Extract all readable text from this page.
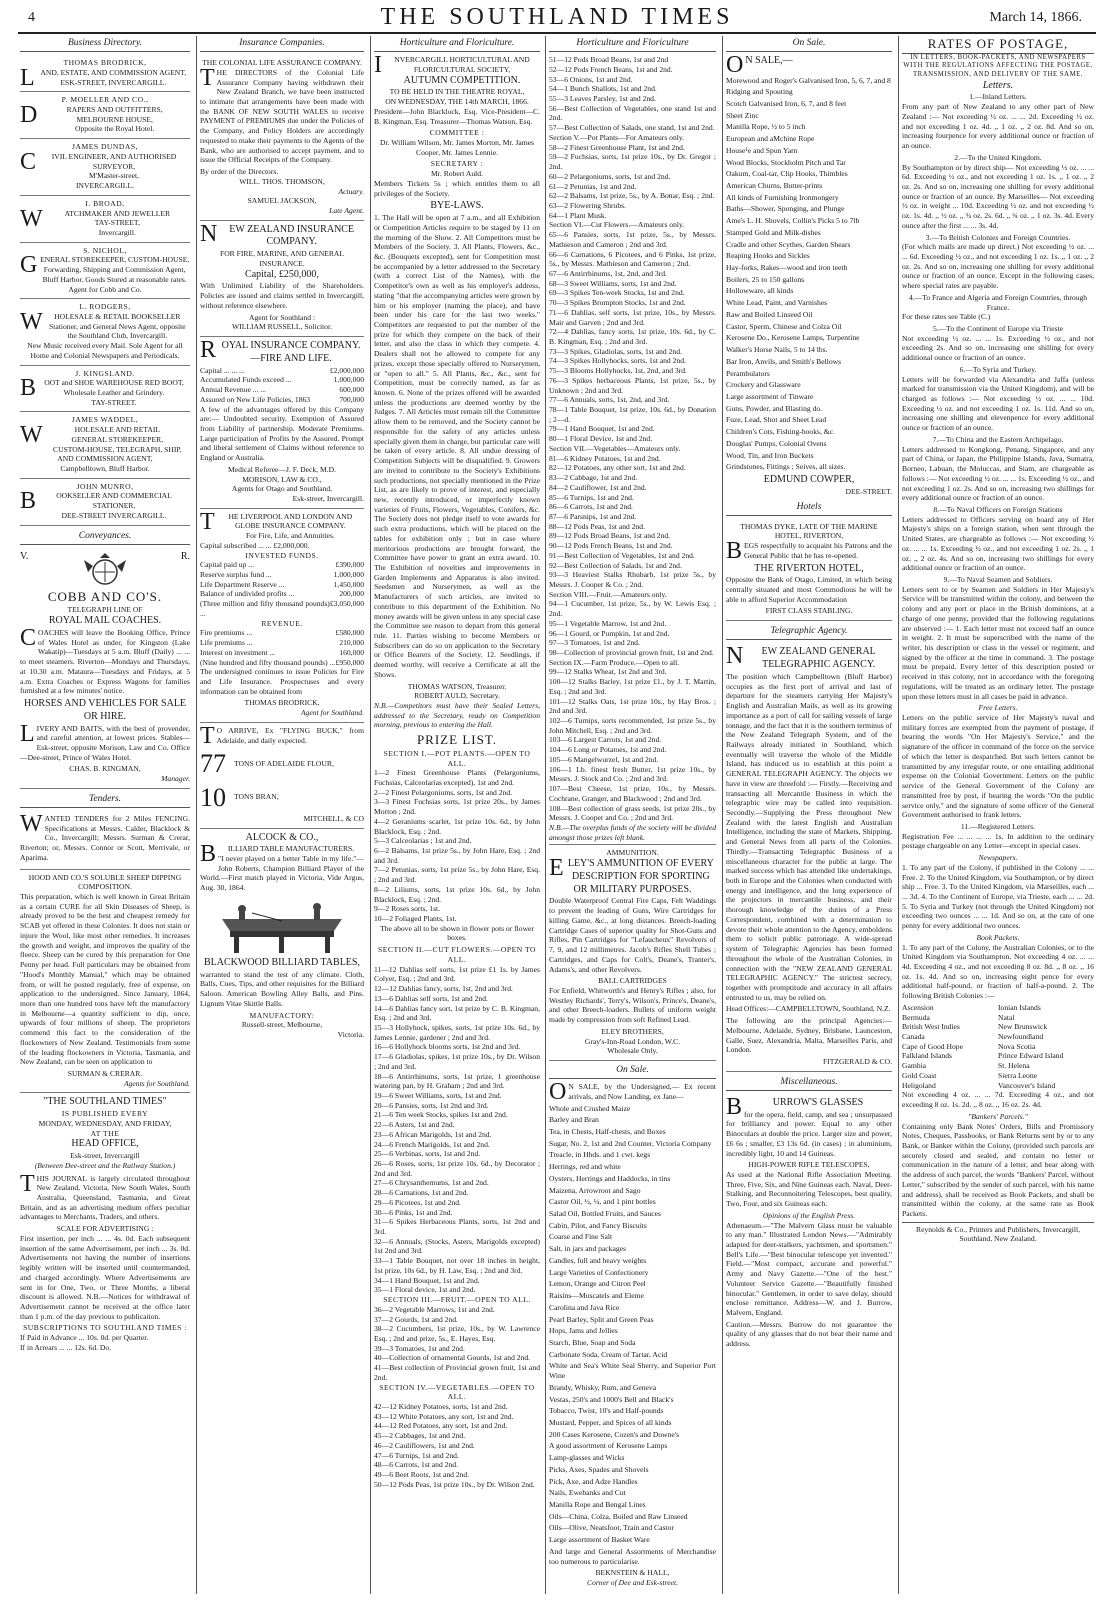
4	THE SOUTHLAND TIMES	March 14, 1866.
Business Directory.
THOMAS BRODRICK,
LAND, ESTATE, AND COMMISSION AGENT,
ESK-STREET, INVERCARGILL.
P. MOELLER AND CO.,
DRAPERS AND OUTFITTERS,
MELBOURNE HOUSE,
Opposite the Royal Hotel.
JAMES DUNDAS,
CIVIL ENGINEER, AND AUTHORISED SURVEYOR,
M'Master-street,
INVERCARGILL.
I. BROAD,
WATCHMAKER AND JEWELLER
TAY-STREET,
Invercargill.
S. NICHOL,
GENERAL STOREKEEPER, CUSTOM-HOUSE, Forwarding, Shipping and Commission Agent, Bluff Harbor. Goods Stored at reasonable rates. Agent for Cobb and Co.
L. RODGERS,
WHOLESALE & RETAIL BOOKSELLER Stationer, and General News Agent, opposite the Southland Club, Invercargill.
New Music received every Mail. Sole Agent for all Home and Colonial Newspapers and Periodicals.
J. KINGSLAND.
BOOT and SHOE WAREHOUSE RED BOOT,
Wholesale Leather and Grindery.
TAY-STREET.
JAMES WADDEL,
WHOLESALE AND RETAIL
GENERAL STOREKEEPER,
CUSTOM-HOUSE, TELEGRAPH, SHIP, AND COMMISSION AGENT,
Campbelltown, Bluff Harbor.
JOHN MUNRO,
BOOKSELLER AND COMMERCIAL
STATIONER,
DEE-STREET INVERCARGILL.
Conveyances.
V.	R.
COBB AND CO'S.
TELEGRAPH LINE OF
ROYAL MAIL COACHES.

COACHES will leave the Booking Office, Prince of Wales Hotel as under, for Kingston (Lake Wakatip)—Tuesdays at 5 a.m. Bluff (Daily) ... ... to meet steamers. Riverton—Mondays and Thursdays, at 10.30 a.m. Mataura—Tuesdays and Fridays, at 5 a.m. Extra Coaches or Express Wagons for families furnished at a few minutes' notice.

HORSES AND VEHICLES FOR SALE OR HIRE.

LIVERY AND BAITS, with the best of provender, and careful attention, at lowest prices. Stables—Esk-street, opposite Morison, Law and Co. Office—Dee-street, Prince of Wales Hotel.

CHAS. B. KINGMAN,
Manager.
Tenders.

WANTED TENDERS for 2 Miles FENCING. Specifications at Messrs. Calder, Blacklock & Co., Invercargill; Messrs. Surman & Crerar, Riverton; or, Messrs. Connor or Scott, Merrivale, or Aparima.

HOOD AND CO.'S SOLUBLE SHEEP DIPPING COMPOSITION.

This preparation, which is well known in Great Britain as a certain CURE for all Skin Diseases of Sheep, is already proved to be the best and cheapest remedy for SCAB yet offered in these Colonies. It does not stain or injure the Wool, like most other remedies. It increases the growth and weight, and improves the quality of the fleece. Sheep can be cured by this preparation for One Penny per head. Full particulars may be obtained from "Hood's Monthly Manual," which may be obtained from, or will be posted regularly, free of expense, on application to the undersigned. Since January, 1864, more than one hundred tons have left the manufactory in Melbourne—a quantity sufficient to dip, once, upwards of four millions of sheep. The proprietors commend this fact to the consideration of the flockowners of New Zealand. Testimonials from some of the leading flockowners in Victoria, Tasmania, and New Zealand, can be seen on application to

SURMAN & CRERAR.
Agents for Southland.
"THE SOUTHLAND TIMES"
IS PUBLISHED EVERY
MONDAY, WEDNESDAY, AND FRIDAY,
AT THE
HEAD OFFICE,
Esk-street, Invercargill
(Between Dee-street and the Railway Station.)

THIS JOURNAL is largely circulated throughout New Zealand, Victoria, New South Wales, South Australia, Queensland, Tasmania, and Great Britain, and as an advertising medium offers peculiar advantages to Merchants, Traders, and others.

SCALE FOR ADVERTISING :

First insertion, per inch ... ... 4s. 0d. Each subsequent insertion of the same Advertisement, per inch ... 3s. 0d. Advertisements not having the number of insertions legibly written will be inserted until countermanded, and charged accordingly. Where Advertisements are sent in for One, Two, or Three Months, a liberal discount is allowed. N.B.—Notices for withdrawal of Advertisement cannot be received at the office later than 1 p.m. of the day previous to publication.

SUBSCRIPTIONS TO SOUTHLAND TIMES :
If Paid in Advance ... 10s. 0d. per Quarter.
If in Arrears ... ... 12s. 6d. Do.
Insurance Companies.
THE COLONIAL LIFE ASSURANCE COMPANY.

THE DIRECTORS of the Colonial Life Assurance Company having withdrawn their New Zealand Branch, we have been instructed to intimate that arrangements have been made with the BANK OF NEW SOUTH WALES to receive PAYMENT of PREMIUMS due under the Policies of the Company, and Policy Holders are accordingly requested to make their payments to the Agents of the Bank, who are authorised to accept payment, and to issue the Official Receipts of the Company.

By order of the Directors.
WILL. THOS. THOMSON,
Actuary.
SAMUEL JACKSON,
Late Agent.
NEW ZEALAND INSURANCE COMPANY.
FOR FIRE, MARINE, AND GENERAL INSURANCE.
Capital, £250,000,

With Unlimited Liability of the Shareholders. Policies are issued and claims settled in Invercargill, without reference elsewhere.

Agent for Southland :
WILLIAM RUSSELL, Solicitor.
ROYAL INSURANCE COMPANY.—FIRE AND LIFE.
Capital ... ... ...	£2,000,000
Accumulated Funds exceed ...	1,000,000
Annual Revenue ... ...	600,000
Assured on New Life Policies, 1863	700,000

A few of the advantages offered by this Company are:— Undoubted security. Exemption of Assured from Liability of partnership. Moderate Premiums. Large participation of Profits by the Assured. Prompt and liberal settlement of Claims without reference to England or Australia.

Medical Referee—J. F. Deck, M.D.
MORISON, LAW & CO.,
Agents for Otago and Southland,
Esk-street, Invercargill.
THE LIVERPOOL AND LONDON AND GLOBE INSURANCE COMPANY.
For Fire, Life, and Annuities.
Capital subscribed ... ... £2,000,000.
INVESTED FUNDS.
Capital paid up ...	£390,000
Reserve surplus fund ...	1,000,000
Life Department Reserve ...	1,450,000
Balance of undivided profits ...	200,000
(Three million and fifty thousand pounds) ...
£3,050,000
REVENUE.
Fire premiums ...	£580,000
Life premiums ...	210,000
Interest on investment ...	160,000
(Nine hundred and fifty thousand pounds) ... £950,000

The undersigned continues to issue Policies for Fire and Life Insurance. Prospectuses and every information can be obtained from

THOMAS BRODRICK,
Agent for Southland.

TO ARRIVE, Ex "FLYING BUCK," from Adelaide, and daily expected.

77	TONS OF ADELAIDE FLOUR,
10	TONS BRAN,
MITCHELL, & CO
ALCOCK & CO.,
BILLIARD TABLE MANUFACTURERS.

"I never played on a better Table in my life."—John Roberts, Champion Billiard Player of the World.—First match played in Victoria, Vide Argus, Aug. 30, 1864.

BLACKWOOD BILLIARD TABLES,

warranted to stand the test of any climate. Cloth, Balls, Cues, Tips, and other requisites for the Billiard Saloon. American Bowling Alley Balls, and Pins. Lignum Vitae Skittle Balls.

MANUFACTORY:
Russell-street, Melbourne,
Victoria.
Horticulture and Floriculture.
INVERCARGILL HORTICULTURAL AND FLORICULTURAL SOCIETY,
AUTUMN COMPETITION.
TO BE HELD IN THE THEATRE ROYAL,
ON WEDNESDAY, THE 14th MARCH, 1866.

President—John Blacklock, Esq. Vice-President—C. B. Kingman, Esq. Treasurer—Thomas Watson, Esq.

COMMITTEE :

Dr. William Wilson, Mr. James Morton, Mr. James Cooper, Mr. James Lennie.

SECRETARY :
Mr. Robert Auld.

Members Tickets 5s ; which entitles them to all privileges of the Society.

BYE-LAWS.

1. The Hall will be open at 7 a.m., and all Exhibition or Competition Articles require to be staged by 11 on the morning of the Show. 2. All Competitors must be Members of the Society. 3. All Plants, Flowers, &c., &c. (Bouquets excepted), sent for Competition must be accompanied by a letter addressed to the Secretary (with a correct List of the Names), with the Competitor's own as well as his employer's address, stating "that the accompanying articles were grown by him or his employer (naming the place), and have been under his care for the last two weeks." Competitors are requested to put the number of the prize for which they compete on the back of their letter, and also the class in which they compete. 4. Dealers shall not be allowed to compete for any prizes, except those specially offered to Nurserymen, or "open to all." 5. All Plants, &c., &c., sent for Competition, must be correctly named, as far as known. 6. None of the prizes offered will be awarded unless the productions are deemed worthy by the Judges. 7. All Articles must remain till the Committee allow them to be removed, and the Society cannot be responsible for the safety of any articles unless specially given them in charge, but particular care will be taken of every article. 8. All undue dressing of Competition Subjects will be disqualified. 9. Growers are invited to contribute to the Society's Exhibitions such productions, not specially mentioned in the Prize List, as are likely to prove of interest, and especially new, recently introduced, or imperfectly known varieties of Fruits, Flowers, Vegetables, Conifers, &c. The Society does not pledge itself to vote awards for such extra productions, which will be placed on the tables for exhibition only ; but in case where meritorious productions are brought forward, the Committee have power to grant an extra award. 10. The Exhibition of novelties and improvements in Garden Implements and Apparatus is also invited. Seedsmen and Nurserymen, as well as the Manufacturers of such articles, are invited to contribute to this department of the Exhibition. No money awards will be given unless in any special case the Committee see reason to depart from this general rule. 11. Parties wishing to become Members or Subscribers can do so on application to the Secretary or Office Bearers of the Society. 12. Seedlings, if deemed worthy, will receive a Certificate at all the Shows.

THOMAS WATSON, Treasurer.
ROBERT AULD, Secretary.

N.B.—Competitors must have their Sealed Letters, addressed to the Secretary, ready on Competition morning, previous to entering the Hall.

PRIZE LIST.
SECTION I.—POT PLANTS.—OPEN TO ALL.

1—2 Finest Greenhouse Plants (Pelargoniums, Fuchsias, Calceolarias excepted), 1st and 2nd.

2—2 Finest Pelargoniums, sorts, 1st and 2nd.

3—3 Finest Fuchsias sorts, 1st prize 20s., by James Morton ; 2nd.

4—2 Geraniums scarlet, 1st prize 10s. 6d., by John Blacklock, Esq. ; 2nd.

5—3 Calceolarias ; 1st and 2nd.

6—2 Balsams, 1st prize 5s., by John Hare, Esq. ; 2nd and 3rd.

7—2 Petunias, sorts, 1st prize 5s., by John Hare, Esq. ; 2nd and 3rd.

8—2 Liliums, sorts, 1st prize 10s. 6d., by John Blacklock, Esq. ; 2nd.

9—2 Roses sorts, 1st.

10—2 Foliaged Plants, 1st.

The above all to be shown in flower pots or flower boxes.

SECTION II.—CUT FLOWERS.—OPEN TO ALL.

11—12 Dahlias self sorts, 1st prize £1 1s. by James Colyer, Esq. ; 2nd and 3rd.

12—12 Dahlias fancy, sorts, 1st, 2nd and 3rd.

13—6 Dahlias self sorts, 1st and 2nd.

14—6 Dahlias fancy sort, 1st prize by C. B. Kingman, Esq. ; 2nd and 3rd.

15—3 Hollyhock, spikes, sorts, 1st prize 10s. 6d., by James Lennie, gardener ; 2nd and 3rd.

16—6 Hollyhock blooms sorts, 1st 2nd and 3rd.

17—6 Gladiolas, spikes, 1st prize 10s., by Dr. Wilson ; 2nd and 3rd.

18—6 Antirrhinums, sorts, 1st prize, 1 greenhouse watering pan, by H. Graham ; 2nd and 3rd.

19—6 Sweet Williams, sorts, 1st and 2nd.

20—6 Pansies, sorts, 1st 2nd and 3rd.

21—6 Ten week Stocks, spikes 1st and 2nd.

22—6 Asters, 1st and 2nd.

23—6 African Marigolds, 1st and 2nd.

24—6 French Marigolds, 1st and 2nd.

25—6 Verbinas, sorts, 1st and 2nd.

26—6 Roses, sorts, 1st prize 10s. 6d., by Decorator ; 2nd and 3rd.

27—6 Chrysanthemums, 1st and 2nd.

28—6 Carnations, 1st and 2nd.

29—6 Picotees, 1st and 2nd.

30—6 Pinks, 1st and 2nd.

31—6 Spikes Herbaceous Plants, sorts, 1st 2nd and 3rd.

32—6 Annuals, (Stocks, Asters, Marigolds excepted) 1st 2nd and 3rd.

33—1 Table Bouquet, not over 18 inches in height, 1st prize, 10s 6d., by H. Law, Esq. ; 2nd and 3rd.

34—1 Hand Bouquet, 1st and 2nd.

35—1 Floral device, 1st and 2nd.

SECTION III.—FRUIT.—OPEN TO ALL.

36—2 Vegetable Marrows, 1st and 2nd.

37—2 Gourds, 1st and 2nd.

38—2 Cucumbers, 1st prize, 10s., by W. Lawrence Esq. ; 2nd and prize, 5s., E. Hayes, Esq.

39—3 Tomatoes, 1st and 2nd.

40—Collection of ornamental Gourds, 1st and 2nd.

41—Best collection of Provincial grown fruit, 1st and 2nd.

SECTION IV.—VEGETABLES.—OPEN TO ALL.

42—12 Kidney Potatoes, sorts, 1st and 2nd.

43—12 White Potatoes, any sort, 1st and 2nd.

44—12 Red Potatoes, any sort, 1st and 2nd.

45—2 Cabbages, 1st and 2nd.

46—2 Cauliflowers, 1st and 2nd.

47—6 Turnips, 1st and 2nd.

48—6 Carrots, 1st and 2nd.

49—6 Beet Roots, 1st and 2nd.

50—12 Pods Peas, 1st prize 10s., by Dr. Wilson 2nd.

Horticulture and Floriculture

51—12 Pods Broad Beans, 1st and 2nd

52—12 Pods French Beans, 1st and 2nd.

53—6 Onions, 1st and 2nd.

54—1 Bunch Shallots, 1st and 2nd.

55—3 Leaves Parsley, 1st and 2nd.

56—Best Collection of Vegetables, one stand 1st and 2nd.

57—Best Collection of Salads, one stand, 1st and 2nd.

Section V.—Pot Plants—For Amateurs only.

58—2 Finest Greenhouse Plant, 1st and 2nd.

59—2 Fuchsias, sorts, 1st prize 10s., by Dr. Gregor ; 2nd.

60—2 Pelargoniums, sorts, 1st and 2nd.

61—2 Petunias, 1st and 2nd.

62—2 Balsams, 1st prize, 5s., by A. Bonar, Esq. ; 2nd.

63—2 Flowering Shrubs.

64—1 Plant Musk.

Section VI.—Cut Flowers.—Amateurs only.

65—6 Pansies, sorts, 1st prize, 5s., by Messrs. Mathieson and Cameron ; 2nd and 3rd.

66—6 Carnations, 6 Picotees, and 6 Pinks, 1st prize, 5s., by Messrs. Mathieson and Cameron ; 2nd.

67—6 Antirrhinums, 1st, 2nd, and 3rd.

68—3 Sweet Williams, sorts, 1st and 2nd.

69—3 Spikes Ten-week Stocks, 1st and 2nd.

70—3 Spikes Brompton Stocks, 1st and 2nd.

71—6 Dahlias, self sorts, 1st prize, 10s., by Messrs. Mair and Garven ; 2nd and 3rd.

72—4 Dahlias, fancy sorts, 1st prize, 10s. 6d., by C. B. Kingman, Esq. ; 2nd and 3rd.

73—3 Spikes, Gladiolas, sorts, 1st and 2nd.

74—3 Spikes Hollyhocks, sorts, 1st and 2nd.

75—3 Blooms Hollyhocks, 1st, 2nd, and 3rd.

76—3 Spikes herbaceous Plants, 1st prize, 5s., by Unknown ; 2nd and 3rd.

77—6 Annuals, sorts, 1st, 2nd, and 3rd.

78—1 Table Bouquet, 1st prize, 10s. 6d., by Donation ; 2—d.

79—1 Hand Bouquet, 1st and 2nd.

80—1 Floral Device, 1st and 2nd.

Section VII.—Vegetables—Amateurs only.

81—6 Kidney Potatoes, 1st and 2nd.

82—12 Potatoes, any other sort, 1st and 2nd.

83—2 Cabbage, 1st and 2nd.

84—2 Cauliflower, 1st and 2nd.

85—6 Turnips, 1st and 2nd.

86—6 Carrots, 1st and 2nd.

87—6 Parsnips, 1st and 2nd.

88—12 Pods Peas, 1st and 2nd.

89—12 Pods Broad Beans, 1st and 2nd.

90—12 Pods French Beans, 1st and 2nd.

91—Best Collection of Vegetables, 1st and 2nd.

92—Best Collection of Salads, 1st and 2nd.

93—3 Heaviest Stalks Rhubarb, 1st prize 5s., by Messrs. J. Cooper & Co. ; 2nd.

Section VIII.—Fruit.—Amateurs only.

94—1 Cucumber, 1st prize, 5s., by W. Lewis Esq. ; 2nd.

95—1 Vegetable Marrow, 1st and 2nd.

96—1 Gourd, or Pumpkin, 1st and 2nd.

97—3 Tomatoes, 1st and 2nd.

98—Collection of provincial grown fruit, 1st and 2nd.

Section IX.—Farm Produce.—Open to all.

99—12 Stalks Wheat, 1st 2nd and 3rd.

100—12 Stalks Barley, 1st prize £1., by J. T. Martin, Esq. ; 2nd and 3rd.

101—12 Stalks Oats, 1st prize 10s., by Hay Bros. ; 2nd and 3rd.

102—6 Turnips, sorts recommended, 1st prize 5s., by John Mitchell, Esq. ; 2nd and 3rd.

103—6 Largest Carrots, 1st and 2nd.

104—6 Long or Potatoes, 1st and 2nd.

105—6 Mangelwurzel, 1st and 2nd.

106—1 Lb. finest fresh Butter, 1st prize 10s., by Messrs. J. Stock and Co. ; 2nd and 3rd.

107—Best Cheese, 1st prize, 10s., by Messrs. Cochrane, Granger, and Blackwood ; 2nd and 3rd.

108—Best collection of grass seeds, 1st prize 20s., by Messrs. J. Cooper and Co. ; 2nd and 3rd.

N.B.—The overplus funds of the society will be divided amongst those prizes left blank.

AMMUNITION.
ELEY'S AMMUNITION OF EVERY DESCRIPTION FOR SPORTING OR MILITARY PURPOSES.

Double Waterproof Central Fire Caps, Felt Waddings to prevent the leading of Guns, Wire Cartridges for killing Game, &c., at long distances. Breech-loading Cartridge Cases of superior quality for Shot-Guns and Rifles, Pin Cartridges for "Lefaucheux" Revolvers of 7, 9, and 12 millimetres. Jacob's Rifles Shell Tubes ; Cartridges, and Caps for Colt's, Deane's, Tranter's, Adams's, and other Revolvers.

BALL CARTRIDGES

For Enfield, Whitworth's and Henry's Rifles ; also, for Westley Richards', Terry's, Wilson's, Prince's, Deane's, and other Breech-loaders. Bullets of uniform weight made by compression from soft Refined Lead.

ELEY BROTHERS,
Gray's-Inn-Road London, W.C.
Wholesale Only.
On Sale.

ON SALE, by the Undersigned,— Ex recent arrivals, and Now Landing, ex Jane—

Whole and Crushed Maize

Barley and Bran

Tea, in Chests, Half-chests, and Boxes

Sugar, No. 2, 1st and 2nd Counter, Victoria Company

Treacle, in Hhds. and 1 cwt. kegs

Herrings, red and white

Oysters, Herrings and Haddocks, in tins

Maizena, Arrowroot and Sago

Castor Oil, ½, ¼, and 1 pint bottles

Salad Oil, Bottled Fruits, and Sauces

Cabin, Pilot, and Fancy Biscuits

Coarse and Fine Salt

Salt, in jars and packages

Candles, full and heavy weights

Large Varieties of Confectionery

Lemon, Orange and Citron Peel

Raisins—Muscatels and Eleme

Carolina and Java Rice

Pearl Barley, Split and Green Peas

Hops, Jams and Jellies

Starch, Blue, Soap and Soda

Carbonate Soda, Cream of Tartar, Acid

White and Sea's White Seal Sherry, and Superior Port Wine

Brandy, Whisky, Rum, and Geneva

Vestas, 250's and 1000's Bell and Black's

Tobacco, Twist, 10's and Half-pounds

Mustard, Pepper, and Spices of all kinds

200 Cases Kerosene, Cozen's and Downe's

A good assortment of Kerosene Lamps

Lamp-glasses and Wicks

Picks, Axes, Spades and Shovels

Pick, Axe, and Adze Handles

Nails, Ewebanks and Cut

Manilla Rope and Bengal Lines

Oils—China, Colza, Boiled and Raw Linseed

Oils—Olive, Neatsfoot, Train and Castor

Large assortment of Basket Ware

And large and General Assortments of Merchandise too numerous to particularise.

BEKNSTEIN & HALL,
Corner of Dee and Esk-street.
On Sale.
ON SALE,—

Morewood and Roger's Galvanised Iron, 5, 6, 7, and 8

Ridging and Spouting

Scotch Galvanised Iron, 6, 7, and 8 feet

Sheet Zinc

Manilla Rope, ½ to 5 inch

European and aMchine Rope

House¹e and Spun Yarn

Wood Blocks, Stockholm Pitch and Tar

Oakum, Coal-tar, Clip Hooks, Thimbles

American Churns, Butter-prints

All kinds of Furnishing Ironmongery

Baths—Shower, Sponging, and Plunge

Ame's L. H. Shovels, Collin's Picks 5 to 7lb

Stamped Gold and Milk-dishes

Cradle and other Scythes, Garden Shears

Reaping Hooks and Sickles

Hay-forks, Rakes—wood and iron teeth

Boilers, 25 to 150 gallons

Hollowware, all kinds

White Lead, Paint, and Varnishes

Raw and Boiled Linseed Oil

Castor, Sperm, Chinese and Colza Oil

Kerosene Do., Kerosene Lamps, Turpentine

Walker's Horse Nails, 5 to 14 lbs.

Bar Iron, Anvils, and Smith's Bellows

Perambulators

Crockery and Glassware

Large assortment of Tinware

Guns, Powder, and Blasting do.

Fuze, Lead, Shot and Sheet Lead

Children's Cots, Fishing-hooks, &c.

Douglas' Pumps, Colonial Ovens

Wood, Tin, and Iron Buckets

Grindstones, Fittings ; Seives, all sizes.

EDMUND COWPER,
DEE-STREET.
Hotels
THOMAS DYKE, LATE OF THE MARINE HOTEL, RIVERTON,

BEGS respectfully to acquaint his Patrons and the General Public that he has re-opened.

THE RIVERTON HOTEL,

Opposite the Bank of Otago, Limited, in which being centrally situated and most Commodious he will be able to afford Superior Accommodation

FIRST CLASS STABLING.
Telegraphic Agency.
NEW ZEALAND GENERAL TELEGRAPHIC AGENCY.

The position which Campbelltown (Bluff Harbor) occupies as the first port of arrival and last of departure for the steamers carrying Her Majesty's English and Australian Mails, as well as its growing importance as a port of call for sailing vessels of large tonnage, and the fact that it is the southern terminus of the New Zealand Telegraph System, and of the Railways already initiated in Southland, which eventually will traverse the whole of the Middle Island, has induced us to establish at this point a GENERAL TELEGRAPH AGENCY. The objects we have in view are threefold :— Firstly.—Receiving and transacting all Mercantile Business in which the telegraphic wire may be called into requisition. Secondly.—Supplying the Press throughout New Zealand with the latest English and Australian Intelligence, including the state of Markets, Shipping, and General News from all parts of the Colonies. Thirdly.—Transacting Telegraphic Business of a miscellaneous character for the public at large. The marked success which has attended like undertakings, both in Europe and the Colonies when conducted with energy and intelligence, and the long experience of the projectors in mercantile business, and their thorough knowledge of the duties of a Press Correspondent, combined with a determination to devote their whole attention to the Agency, emboldens them to solicit public patronage. A wide-spread system of Telegraphic Agencies has been formed throughout the whole of the Australian Colonies, in connection with the "NEW ZEALAND GENERAL TELEGRAPHIC AGENCY." The strictest secrecy, together with promptitude and accuracy in all affairs entrusted to us, may be relied on.

Head Offices:—CAMPBELLTOWN, Southland, N.Z.

The following are the principal Agencies:— Melbourne, Adelaide, Sydney, Brisbane, Launceston, Galle, Suez, Alexandria, Malta, Marseilles Paris, and London.

FITZGERALD & CO.
Miscellaneous.
BURROW'S GLASSES

for the opera, field, camp, and sea ; unsurpassed for brilliancy and power. Equal to any other Binoculars at double the price. Larger size and power, £6 6s ; smaller, £3 13s 6d. (in cases) ; in aluminium, incredibly light, 10 and 14 Guineas.

HIGH-POWER RIFLE TELESCOPES,

As used at the National Rifle Association Meeting. Three, Five, Six, and Nine Guineas each. Naval, Deer-Stalking, and Reconnoitering Telescopes, best quality, Two, Four, and six Guineas each.

Opinions of the English Press.

Athenaeum.—"The Malvern Glass must be valuable to any man." Illustrated London News.—"Admirably adapted for deer-stalkers, yachtsmen, and sportsmen." Bell's Life.—"Best binocular telescope yet invented." Field.—"Most compact, accurate and powerful." Army and Navy Gazette.—"One of the best." Volunteer Service Gazette.—"Beautifully finished binocular." Gentlemen, in order to save delay, should enclose remittance. Address—W. and J. Burrow, Malvern, England.

Caution.—Messrs. Burrow do not guarantee the quality of any glasses that do not bear their name and address.

RATES OF POSTAGE,
IN LETTERS, BOOK-PACKETS, AND NEWSPAPERS WITH THE REGULATIONS AFFECTING THE POSTAGE, TRANSMISSION, AND DELIVERY OF THE SAME.
Letters.
1.—Inland Letters.

From any part of New Zealand to any other part of New Zealand :— Not exceeding ½ oz. ... ... 2d. Exceeding ½ oz. and not exceeding 1 oz. 4d. ,, 1 oz. ,, 2 oz. 8d. And so on, increasing fourpence for every additional ounce or fraction of an ounce.

2.—To the United Kingdom.

By Southampton or by direct ship— Not exceeding ½ oz. ... ... 6d. Exceeding ½ oz., and not exceeding 1 oz. 1s. ,, 1 oz. ,, 2 oz. 2s. And so on, increasing one shilling for every additional ounce or fraction of an ounce. By Marseilles— Not exceeding ½ oz. in weight ... 10d. Exceeding ½ oz. and not exceeding ½ oz. 1s. 4d. ,, ½ oz. ,, ¾ oz. 2s. 6d. ,, ¾ oz. ,, 1 oz. 3s. 4d. Every ounce after the first ... ... 3s. 4d.

3.—To British Colonies and Foreign Countries.

(For which mails are made up direct.) Not exceeding ½ oz. ... ... 6d. Exceeding ½ oz., and not exceeding 1 oz. 1s. ,, 1 oz. ,, 2 oz. 2s. And so on, increasing one shilling for every additional ounce or fraction of an ounce. Except in the following cases, where special rates are payable.

4.—To France and Algeria and Foreign Countries, through France.

For these rates see Table (C.)

5.—To the Continent of Europe via Trieste

Not exceeding ½ oz. ... ... 1s. Exceeding ½ oz., and not exceeding 2s. And so on, increasing one shilling for every additional ounce or fraction of an ounce.

6.—To Syria and Turkey.

Letters will be forwarded via Alexandria and Jaffa (unless marked for transmission via the United Kingdom), and will be charged as follows :— Not exceeding ½ oz. ... ... 10d. Exceeding ½ oz. and not exceeding 1 oz. 1s. 11d. And so on, increasing one shilling and elevenpence for every additional ounce or fraction of an ounce.

7.—To China and the Eastern Archipelago.

Letters addressed to Kongkong, Penang, Singapore, and any part of China, or Japan, the Philippine Islands, Java, Sumatra, Borneo, Labuan, the Moluccas, and Siam, are chargeable as follows :— Not exceeding ½ oz. ... ... 1s. Exceeding ½ oz., and not exceeding 1 oz. 2s. And so on, increasing two shillings for every additional ounce or fraction of an ounce.

8.—To Naval Officers on Foreign Stations

Letters addressed to Officers serving on board any of Her Majesty's ships on a foreign station, when sent through the United States, are chargeable as follows :— Not exceeding ½ oz. ... ... 1s. Exceeding ½ oz., and not exceeding 1 oz. 2s. ,, 1 oz. ,, 2 oz. 4s. And so on, increasing two shillings for every additional ounce or fraction of an ounce.

9.—To Naval Seamen and Soldiers.

Letters sent to or by Seamen and Soldiers in Her Majesty's Service will be transmitted within the colony, and between the colony and any port or place in the British dominions, at a charge of one penny, provided that the following regulations are observed :— 1. Each letter must not exceed half an ounce in weight. 2. It must be superscribed with the name of the writer, his description or class in the vessel or regiment, and signed by the officer at the time in command. 3. The postage must be prepaid. Every letter of this description posted or received in this colony, not in accordance with the foregoing regulations, will be treated as an ordinary letter. The postage upon these letters must in all cases be paid in advance.

Free Letters.

Letters on the public service of Her Majesty's naval and military forces are exempted from the payment of postage, if bearing the words "On Her Majesty's Service," and the signature of the officer in command of the force on the service of which the letter is despatched. But such letters cannot be transmitted by any irregular route, or one entailing additional expense on the Colonial Government. Letters on the public service of the General Government of the Colony are transmitted free by post, if bearing the words "On the public service only," and the signature of some officer of the General Government authorised to frank letters.

11.—Registered Letters.

Registration Fee ... ... ... ... 1s. In addition to the ordinary postage chargeable on any Letter—except in special cases.

Newspapers.

1. To any part of the Colony, if published in the Colony ... ... Free. 2. To the United Kingdom, via Southampton, or by direct ship ... Free. 3. To the United Kingdom, via Marseilles, each ... ... 3d. 4. To the Continent of Europe, via Trieste, each ... ... 2d. 5. To Syria and Turkey (not through the United Kingdom) not exceeding two ounces ... ... 1d. And so on, at the rate of one penny for every additional two ounces.

Book Packets.

1. To any part of the Colony, the Australian Colonies, or to the United Kingdom via Southampton. Not exceeding 4 oz. ... ... 4d. Exceeding 4 oz., and not exceeding 8 oz. 8d. ,, 8 oz. ,, 16 oz. 1s. 4d. And so on, increasing eight pence for every additional half-pound, or fraction of half-a-pound. 2. The following British Colonies :—

Ascension	Ionian Islands
Bermuda	Natal
British West Indies	New Brunswick
Canada	Newfoundland
Cape of Good Hope	Nova Scotia
Falkland Islands	Prince Edward Island
Gambia	St. Helena
Gold Coast	Sierra Leone
Heligoland	Vancouver's Island

Not exceeding 4 oz. ... ... 7d. Exceeding 4 oz., and not exceeding 8 oz. 1s. 2d. ,, 8 oz. ,, 16 oz. 2s. 4d.

"Bankers' Parcels."

Containing only Bank Notes' Orders, Bills and Promissory Notes, Cheques, Passbooks, or Bank Returns sent by or to any Bank, or Banker within the Colony, (provided such parcels are securely closed and sealed, and contain no letter or communication in the nature of a letter, and bear along with the address of such parcel, the words "Bankers' Parcel, without Letter," subscribed by the sender of such parcel, with his name and address), shall be received as Book Packets, and shall be transmitted within the colony, at the same rate as Book Packets.

Reynolds & Co., Printers and Publishers, Invercargill, Southland, New Zealand.
